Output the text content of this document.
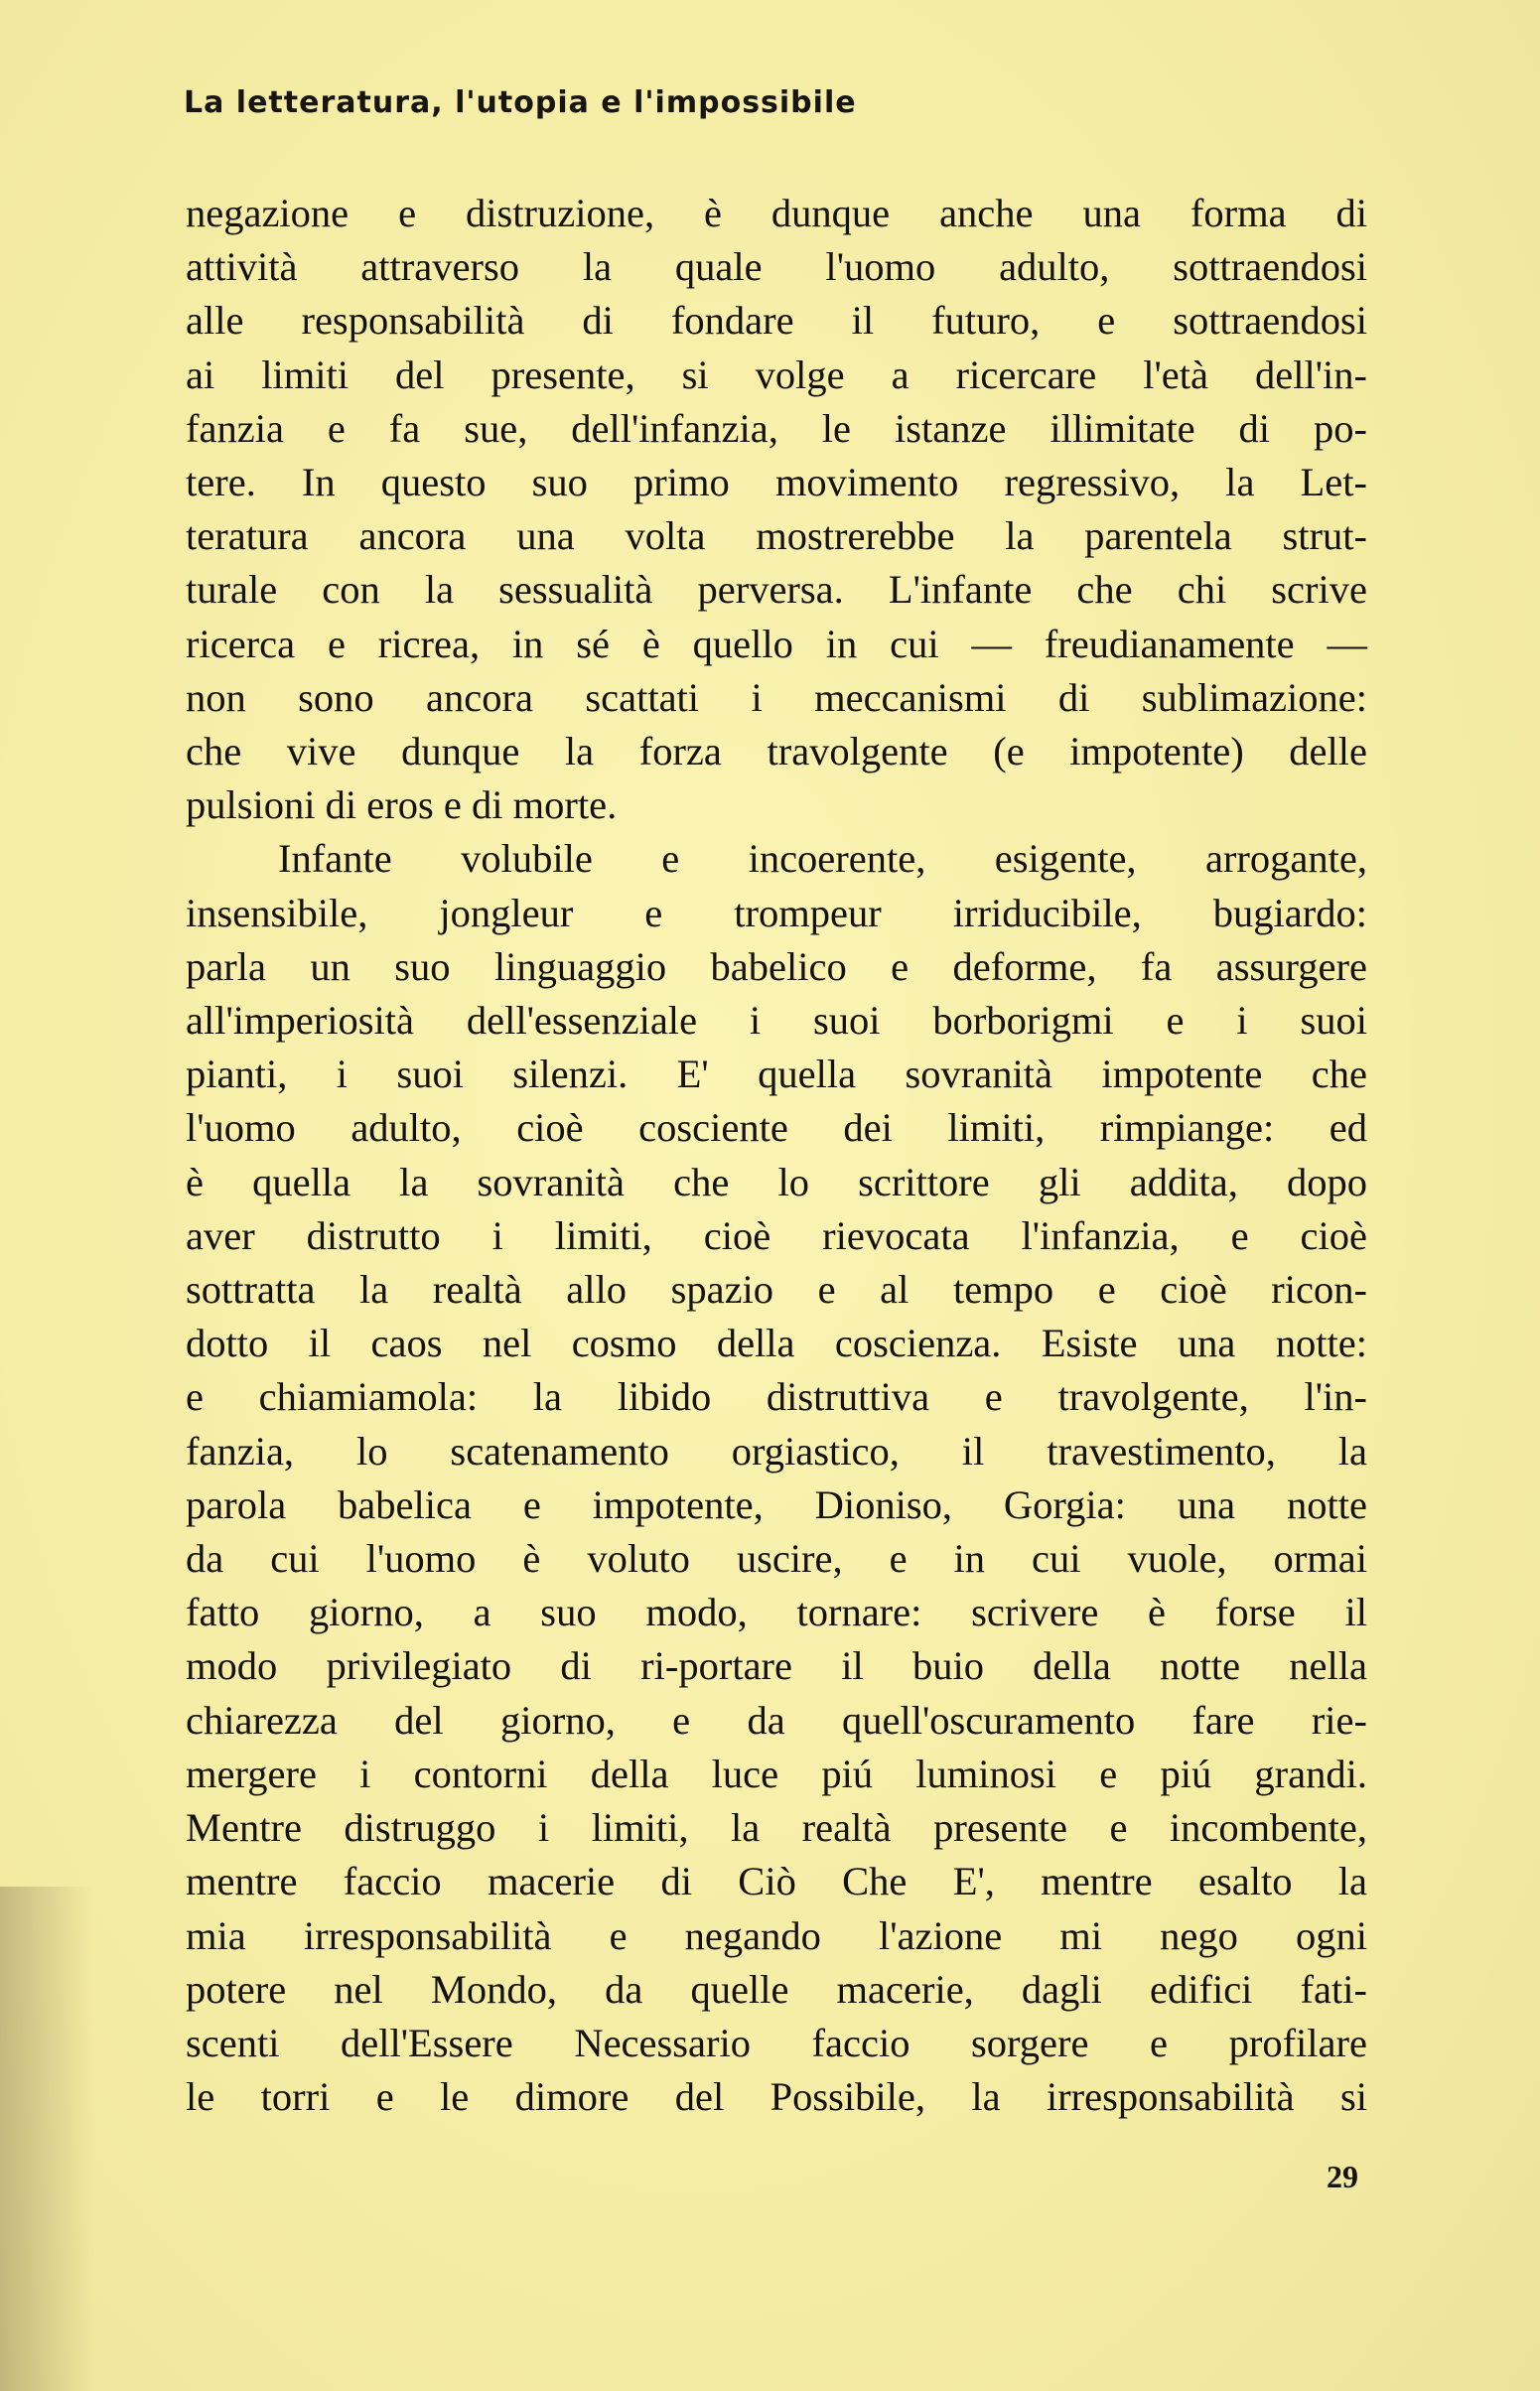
La letteratura, l'utopia e l'impossibile
negazione e distruzione, è dunque anche una forma di
attività attraverso la quale l'uomo adulto, sottraendosi
alle responsabilità di fondare il futuro, e sottraendosi
ai limiti del presente, si volge a ricercare l'età dell'in-
fanzia e fa sue, dell'infanzia, le istanze illimitate di po-
tere. In questo suo primo movimento regressivo, la Let-
teratura ancora una volta mostrerebbe la parentela strut-
turale con la sessualità perversa. L'infante che chi scrive
ricerca e ricrea, in sé è quello in cui — freudianamente —
non sono ancora scattati i meccanismi di sublimazione:
che vive dunque la forza travolgente (e impotente) delle
pulsioni di eros e di morte.
Infante volubile e incoerente, esigente, arrogante,
insensibile, jongleur e trompeur irriducibile, bugiardo:
parla un suo linguaggio babelico e deforme, fa assurgere
all'imperiosità dell'essenziale i suoi borborigmi e i suoi
pianti, i suoi silenzi. E' quella sovranità impotente che
l'uomo adulto, cioè cosciente dei limiti, rimpiange: ed
è quella la sovranità che lo scrittore gli addita, dopo
aver distrutto i limiti, cioè rievocata l'infanzia, e cioè
sottratta la realtà allo spazio e al tempo e cioè ricon-
dotto il caos nel cosmo della coscienza. Esiste una notte:
e chiamiamola: la libido distruttiva e travolgente, l'in-
fanzia, lo scatenamento orgiastico, il travestimento, la
parola babelica e impotente, Dioniso, Gorgia: una notte
da cui l'uomo è voluto uscire, e in cui vuole, ormai
fatto giorno, a suo modo, tornare: scrivere è forse il
modo privilegiato di ri-portare il buio della notte nella
chiarezza del giorno, e da quell'oscuramento fare rie-
mergere i contorni della luce piú luminosi e piú grandi.
Mentre distruggo i limiti, la realtà presente e incombente,
mentre faccio macerie di Ciò Che E', mentre esalto la
mia irresponsabilità e negando l'azione mi nego ogni
potere nel Mondo, da quelle macerie, dagli edifici fati-
scenti dell'Essere Necessario faccio sorgere e profilare
le torri e le dimore del Possibile, la irresponsabilità si
29
